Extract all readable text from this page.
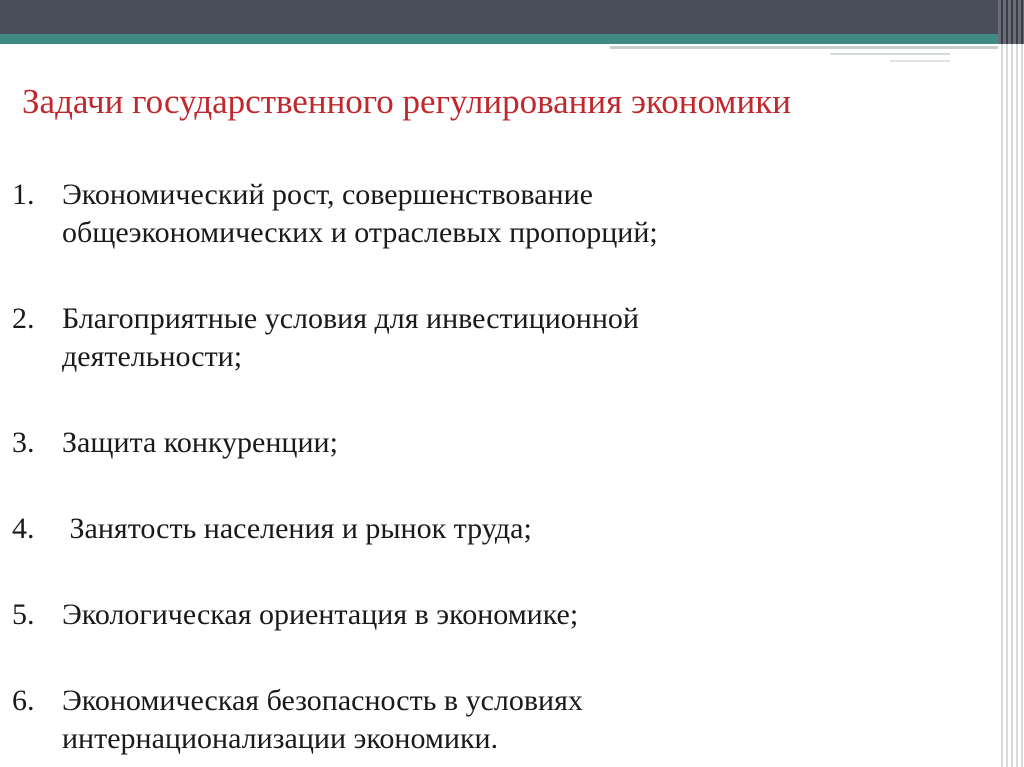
Задачи государственного регулирования экономики
1. Экономический рост, совершенствование
общеэкономических и отраслевых пропорций;
2. Благоприятные условия для инвестиционной
деятельности;
3. Защита конкуренции;
4. Занятость населения и рынок труда;
5. Экологическая ориентация в экономике;
6. Экономическая безопасность в условиях
интернационализации экономики.
